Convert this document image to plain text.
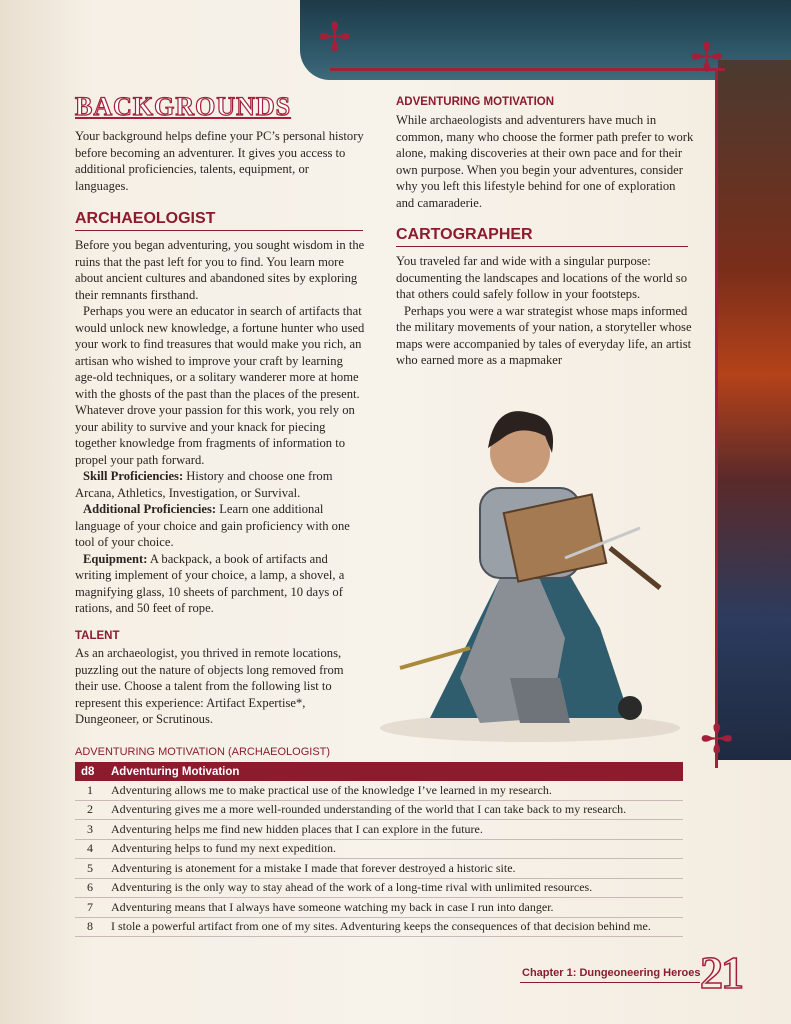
✢	✢
✢
BACKGROUNDS

Your background helps define your PC’s personal history before becoming an adventurer. It gives you access to additional proficiencies, talents, equipment, or languages.

ARCHAEOLOGIST

Before you began adventuring, you sought wisdom in the ruins that the past left for you to find. You learn more about ancient cultures and abandoned sites by exploring their remnants firsthand.

Perhaps you were an educator in search of artifacts that would unlock new knowledge, a fortune hunter who used your work to find treasures that would make you rich, an artisan who wished to improve your craft by learning age-old techniques, or a solitary wanderer more at home with the ghosts of the past than the places of the present. Whatever drove your passion for this work, you rely on your ability to survive and your knack for piecing together knowledge from fragments of information to propel your path forward.

Skill Proficiencies: History and choose one from Arcana, Athletics, Investigation, or Survival.

Additional Proficiencies: Learn one additional language of your choice and gain proficiency with one tool of your choice.

Equipment: A backpack, a book of artifacts and writing implement of your choice, a lamp, a shovel, a magnifying glass, 10 sheets of parchment, 10 days of rations, and 50 feet of rope.

TALENT

As an archaeologist, you thrived in remote locations, puzzling out the nature of objects long removed from their use. Choose a talent from the following list to represent this experience: Artifact Expertise*, Dungeoneer, or Scrutinous.

ADVENTURING MOTIVATION

While archaeologists and adventurers have much in common, many who choose the former path prefer to work alone, making discoveries at their own pace and for their own purpose. When you begin your adventures, consider why you left this lifestyle behind for one of exploration and camaraderie.

CARTOGRAPHER

You traveled far and wide with a singular purpose: documenting the landscapes and locations of the world so that others could safely follow in your footsteps.

Perhaps you were a war strategist whose maps informed the military movements of your nation, a storyteller whose maps were accompanied by tales of everyday life, an artist who earned more as a mapmaker

ADVENTURING MOTIVATION (ARCHAEOLOGIST)
d8	Adventuring Motivation
1	Adventuring allows me to make practical use of the knowledge I’ve learned in my research.
2	Adventuring gives me a more well-rounded understanding of the world that I can take back to my research.
3	Adventuring helps me find new hidden places that I can explore in the future.
4	Adventuring helps to fund my next expedition.
5	Adventuring is atonement for a mistake I made that forever destroyed a historic site.
6	Adventuring is the only way to stay ahead of the work of a long-time rival with unlimited resources.
7	Adventuring means that I always have someone watching my back in case I run into danger.
8	I stole a powerful artifact from one of my sites. Adventuring keeps the consequences of that decision behind me.
Chapter 1: Dungeoneering Heroes 21
